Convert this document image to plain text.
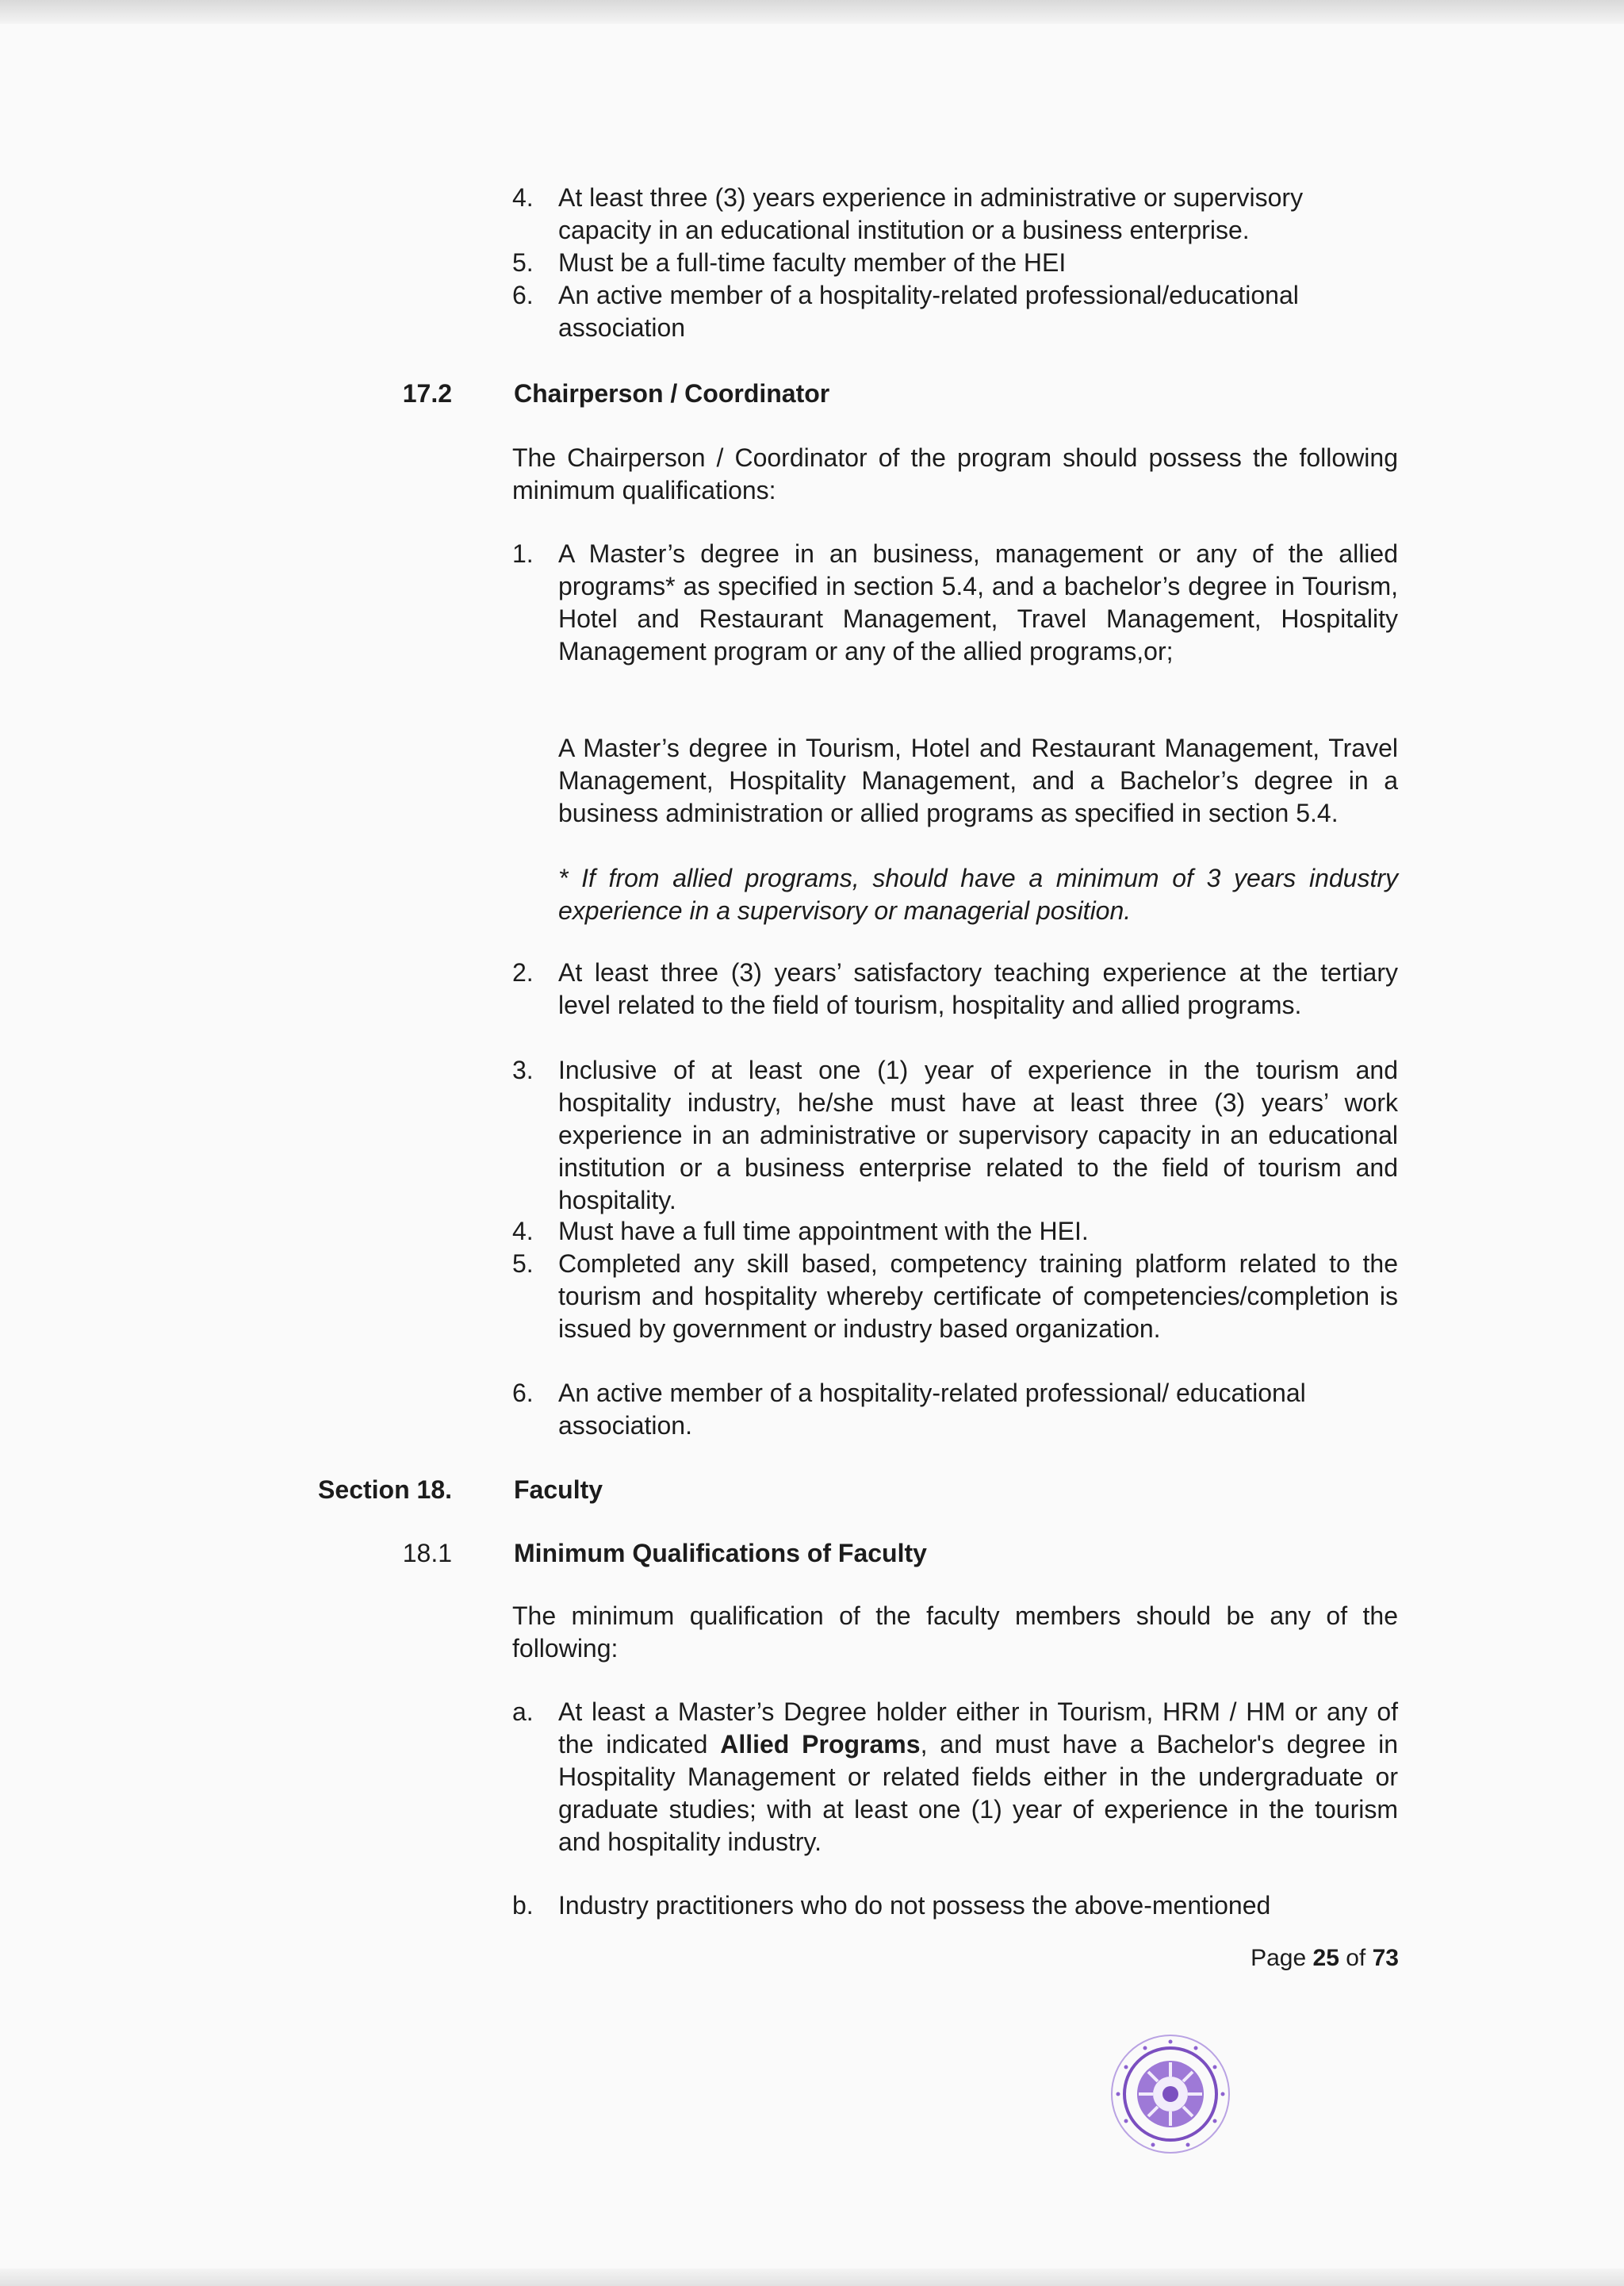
4. At least three (3) years experience in administrative or supervisory capacity in an educational institution or a business enterprise.
5. Must be a full-time faculty member of the HEI
6. An active member of a hospitality-related professional/educational association
17.2 Chairperson / Coordinator
The Chairperson / Coordinator of the program should possess the following minimum qualifications:
1. A Master’s degree in an business, management or any of the allied programs* as specified in section 5.4, and a bachelor’s degree in Tourism, Hotel and Restaurant Management, Travel Management, Hospitality Management program or any of the allied programs,or;
A Master’s degree in Tourism, Hotel and Restaurant Management, Travel Management, Hospitality Management, and a Bachelor’s degree in a business administration or allied programs as specified in section 5.4.
* If from allied programs, should have a minimum of 3 years industry experience in a supervisory or managerial position.
2. At least three (3) years’ satisfactory teaching experience at the tertiary level related to the field of tourism, hospitality and allied programs.
3. Inclusive of at least one (1) year of experience in the tourism and hospitality industry, he/she must have at least three (3) years’ work experience in an administrative or supervisory capacity in an educational institution or a business enterprise related to the field of tourism and hospitality.
4. Must have a full time appointment with the HEI.
5. Completed any skill based, competency training platform related to the tourism and hospitality whereby certificate of competencies/completion is issued by government or industry based organization.
6. An active member of a hospitality-related professional/ educational association.
Section 18. Faculty
18.1 Minimum Qualifications of Faculty
The minimum qualification of the faculty members should be any of the following:
a. At least a Master’s Degree holder either in Tourism, HRM / HM or any of the indicated Allied Programs, and must have a Bachelor's degree in Hospitality Management or related fields either in the undergraduate or graduate studies; with at least one (1) year of experience in the tourism and hospitality industry.
b. Industry practitioners who do not possess the above-mentioned
Page 25 of 73
